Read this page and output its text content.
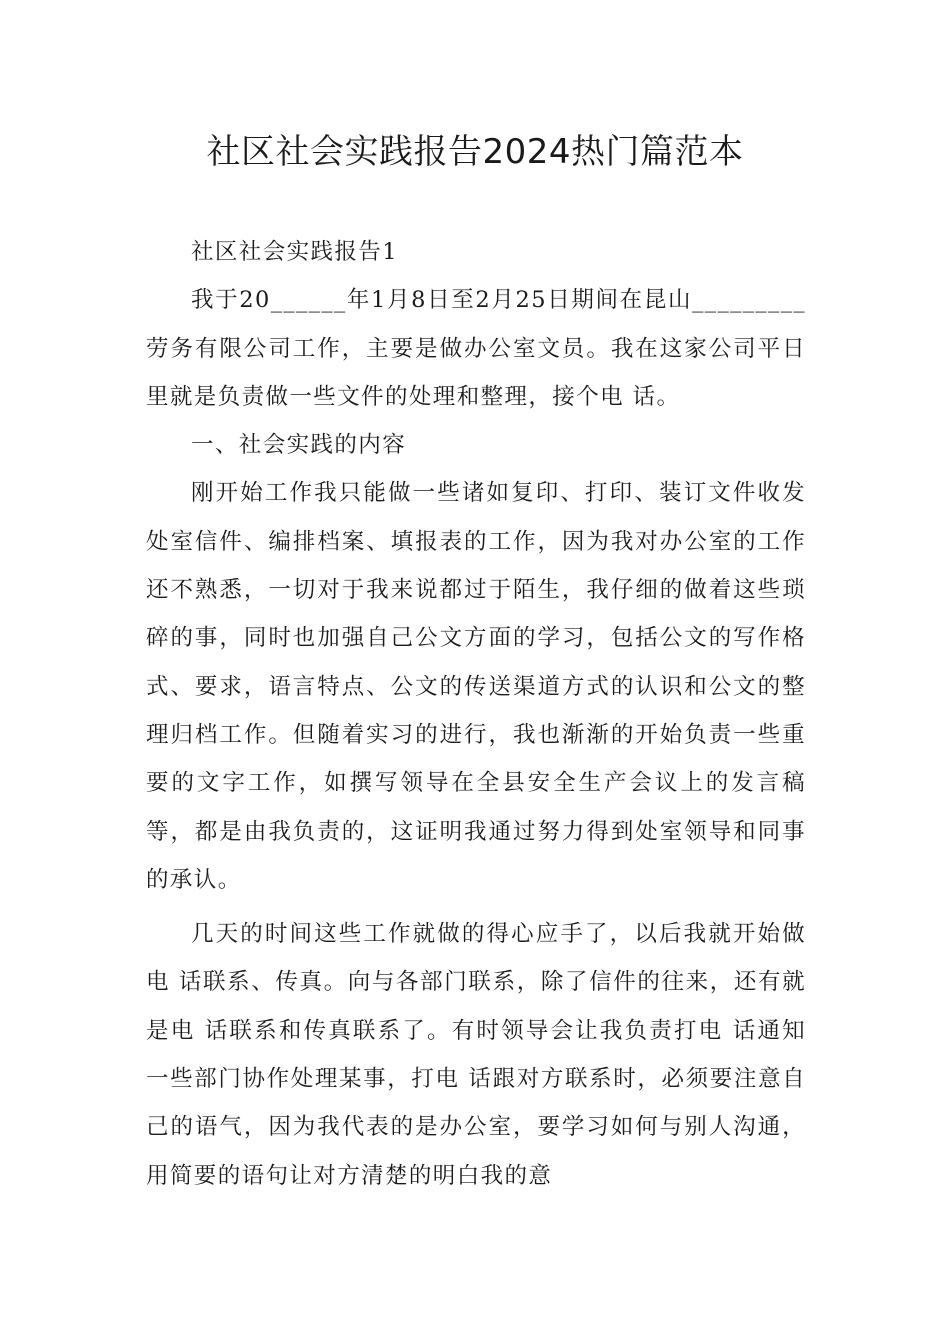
社区社会实践报告2024热门篇范本

社区社会实践报告1

我于20______年1月8日至2月25日期间在昆山_________劳务有限公司工作，主要是做办公室文员。我在这家公司平日里就是负责做一些文件的处理和整理，接个电 话。

一、社会实践的内容

刚开始工作我只能做一些诸如复印、打印、装订文件收发处室信件、编排档案、填报表的工作，因为我对办公室的工作还不熟悉，一切对于我来说都过于陌生，我仔细的做着这些琐碎的事，同时也加强自己公文方面的学习，包括公文的写作格式、要求，语言特点、公文的传送渠道方式的认识和公文的整理归档工作。但随着实习的进行，我也渐渐的开始负责一些重要的文字工作，如撰写领导在全县安全生产会议上的发言稿等，都是由我负责的，这证明我通过努力得到处室领导和同事的承认。

几天的时间这些工作就做的得心应手了，以后我就开始做电 话联系、传真。向与各部门联系，除了信件的往来，还有就是电 话联系和传真联系了。有时领导会让我负责打电 话通知一些部门协作处理某事，打电 话跟对方联系时，必须要注意自己的语气，因为我代表的是办公室，要学习如何与别人沟通，用简要的语句让对方清楚的明白我的意
